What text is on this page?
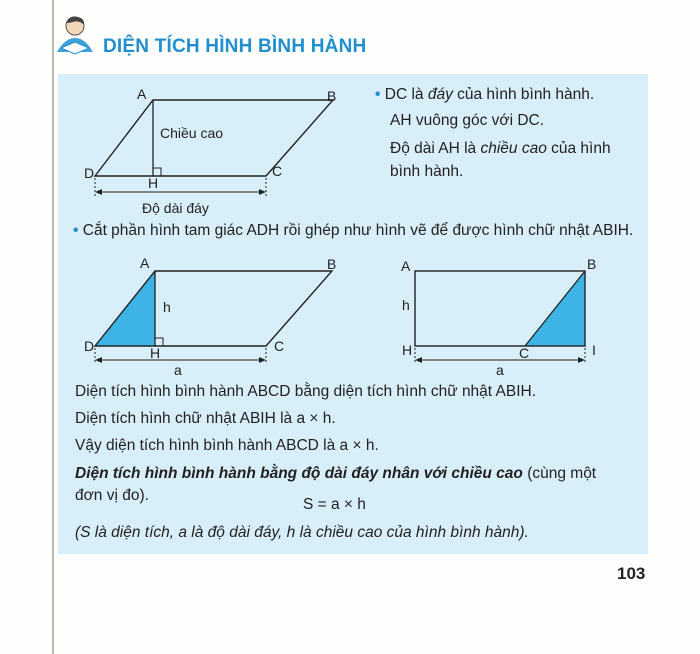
DIỆN TÍCH HÌNH BÌNH HÀNH
A	B
C
D
H
Chiều cao
Độ dài đáy
• DC là đáy của hình bình hành.
AH vuông góc với DC.
Độ dài AH là chiều cao của hình
bình hành.
• Cắt phần hình tam giác ADH rồi ghép như hình vẽ để được hình chữ nhật ABIH.
A	B
C
D	H
h
a
A	B
C
H	I
h
a
Diện tích hình bình hành ABCD bằng diện tích hình chữ nhật ABIH.
Diện tích hình chữ nhật ABIH là a × h.
Vậy diện tích hình bình hành ABCD là a × h.
Diện tích hình bình hành bằng độ dài đáy nhân với chiều cao (cùng một
đơn vị đo).
S = a × h
(S là diện tích, a là độ dài đáy, h là chiều cao của hình bình hành).
103
